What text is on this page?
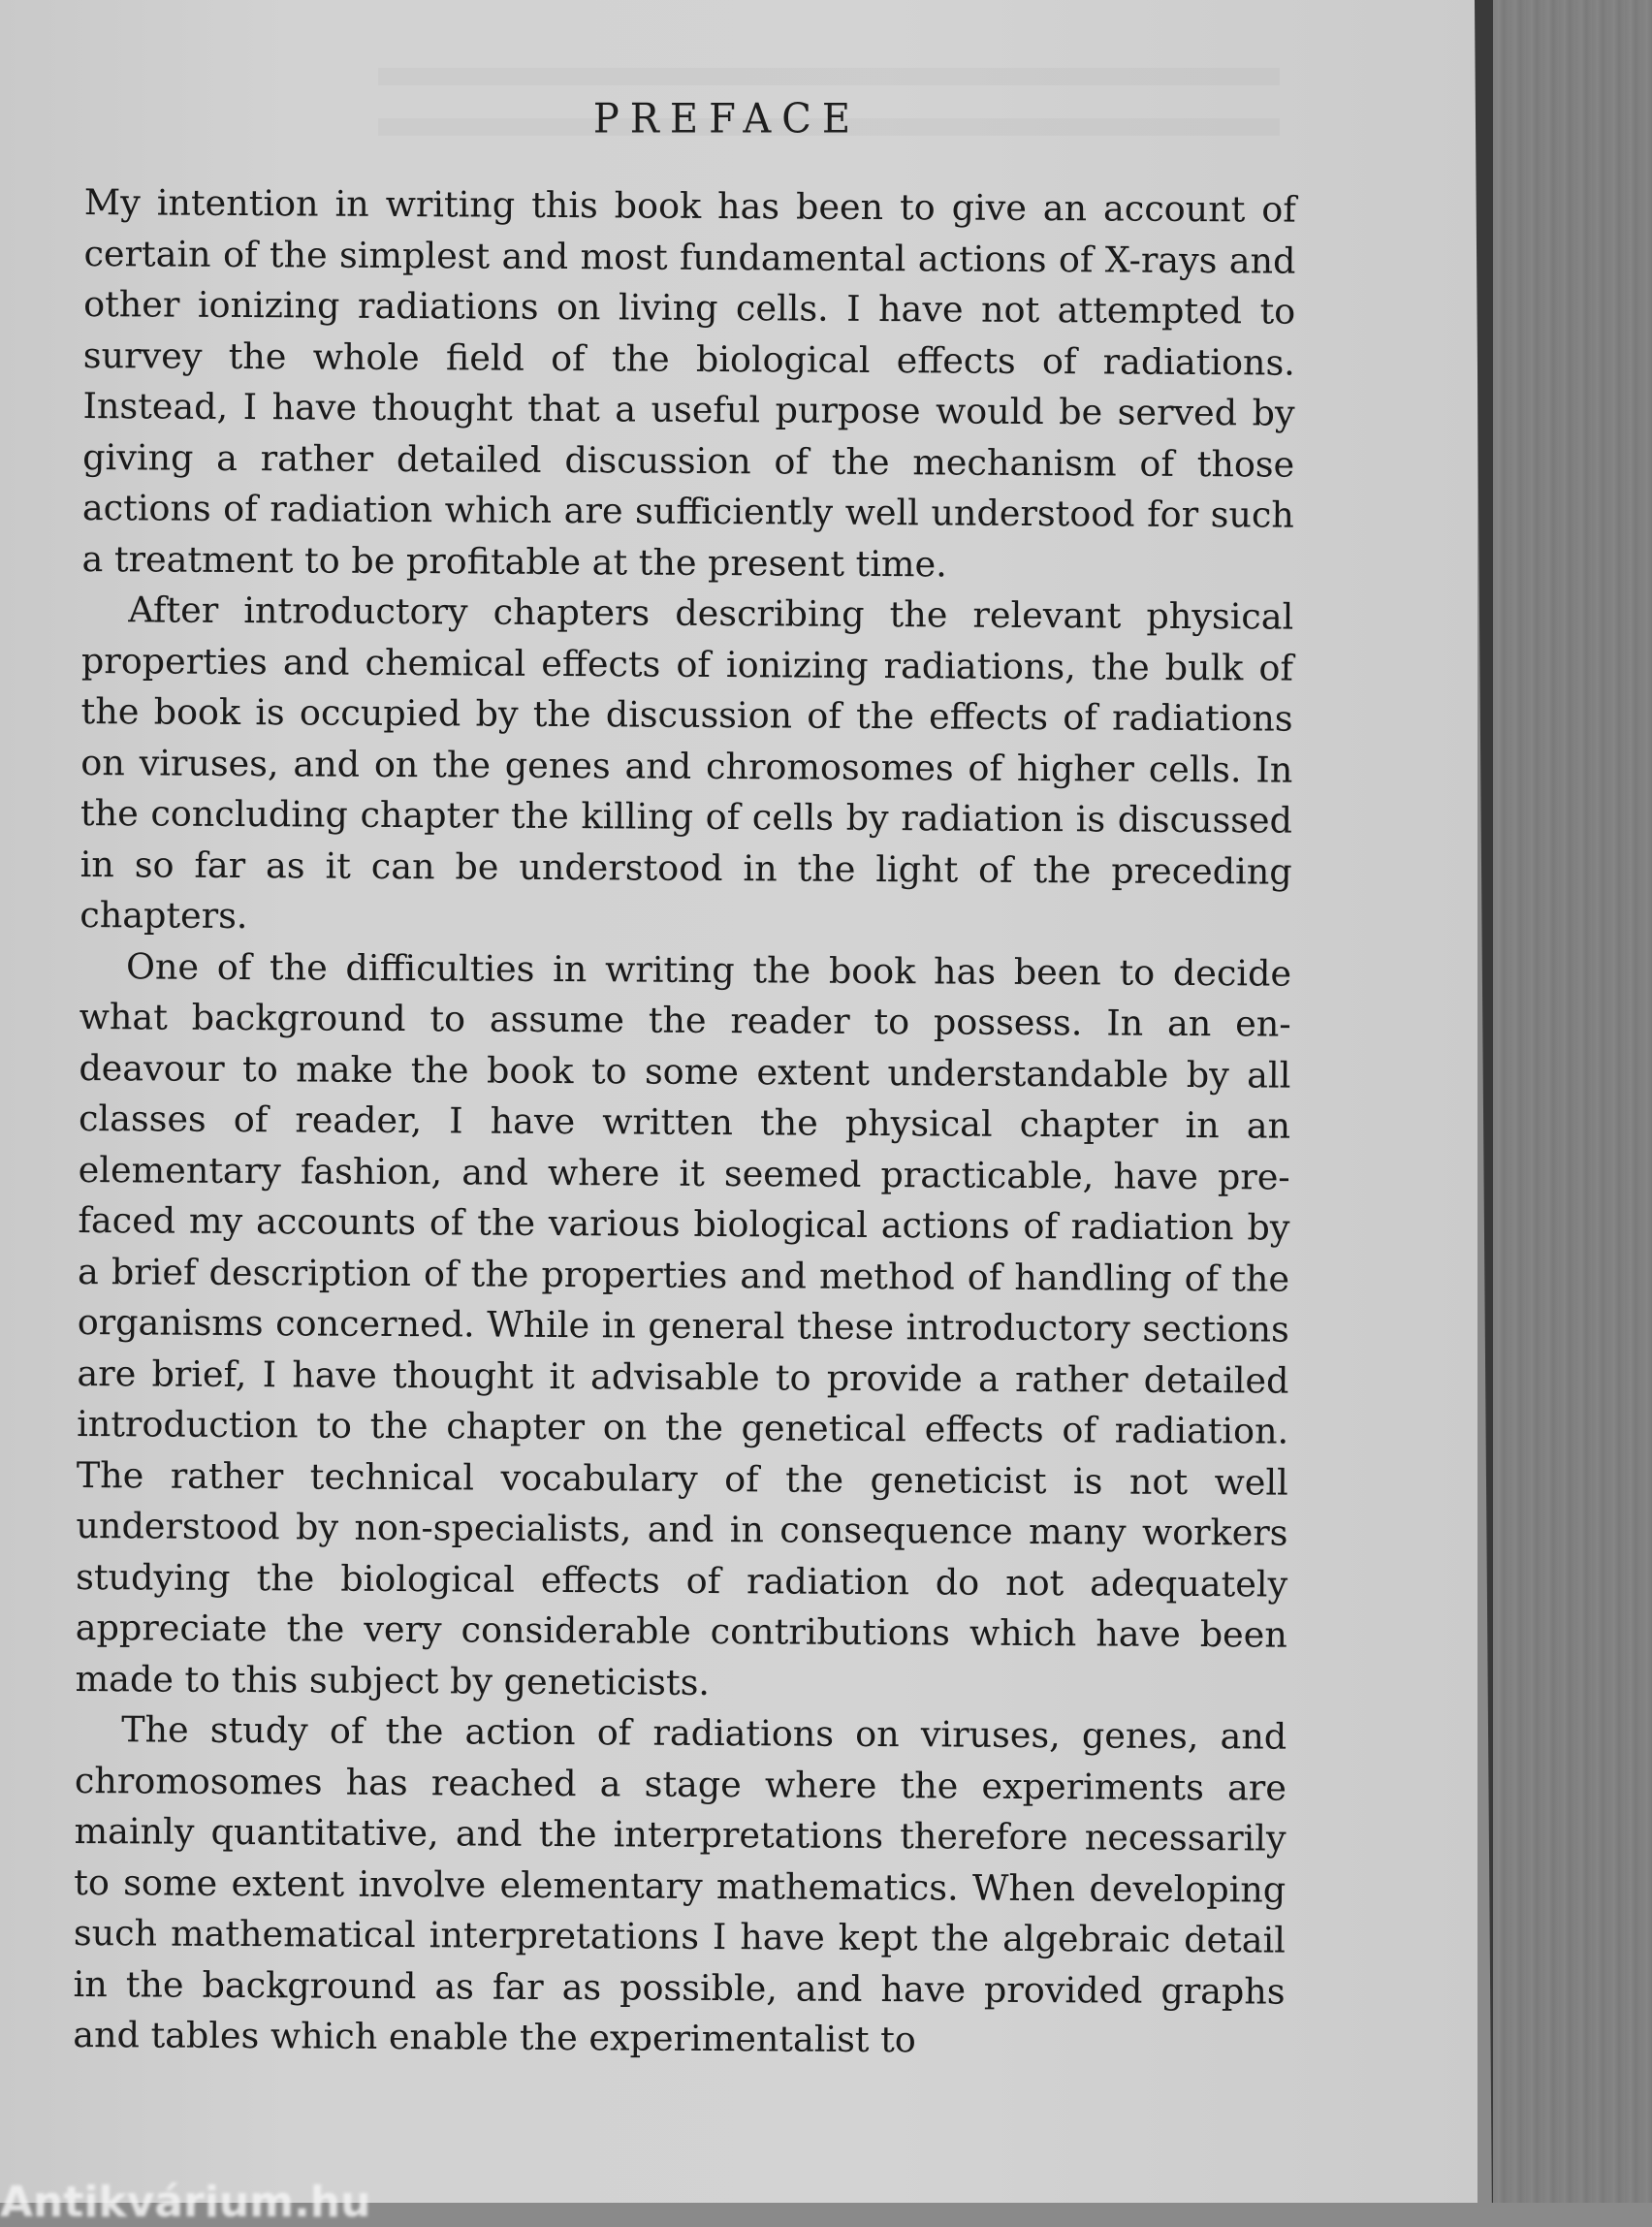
PREFACE

My intention in writing this book has been to give an account of certain of the simplest and most fundamental actions of X-rays and other ionizing radiations on living cells. I have not attempted to survey the whole field of the biological effects of radiations. Instead, I have thought that a useful purpose would be served by giving a rather detailed discussion of the mechanism of those actions of radiation which are sufficiently well understood for such a treatment to be profitable at the present time.

After introductory chapters describing the relevant physical properties and chemical effects of ionizing radiations, the bulk of the book is occupied by the discussion of the effects of radiations on viruses, and on the genes and chromosomes of higher cells. In the concluding chapter the killing of cells by radiation is discussed in so far as it can be understood in the light of the preceding chapters.

One of the difficulties in writing the book has been to decide what background to assume the reader to possess. In an endeavour to make the book to some extent understandable by all classes of reader, I have written the physical chapter in an elementary fashion, and where it seemed practicable, have prefaced my accounts of the various biological actions of radiation by a brief description of the properties and method of handling of the organisms concerned. While in general these introductory sections are brief, I have thought it advisable to provide a rather detailed introduction to the chapter on the genetical effects of radiation. The rather technical vocabulary of the geneticist is not well understood by non-specialists, and in consequence many workers studying the biological effects of radiation do not adequately appreciate the very considerable contributions which have been made to this subject by geneticists.

The study of the action of radiations on viruses, genes, and chromosomes has reached a stage where the experiments are mainly quantitative, and the interpretations therefore necessarily to some extent involve elementary mathematics. When developing such mathematical interpretations I have kept the algebraic detail in the background as far as possible, and have provided graphs and tables which enable the experimentalist to

Antikvárium.hu
